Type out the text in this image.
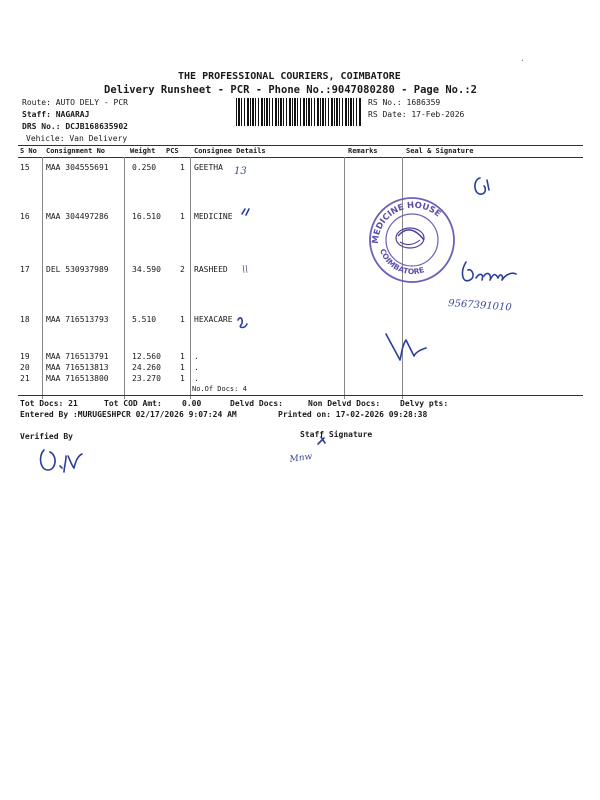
THE PROFESSIONAL COURIERS, COIMBATORE
Delivery Runsheet - PCR - Phone No.:9047080280 - Page No.:2
Route: AUTO DELY - PCR
Staff: NAGARAJ
DRS No.: DCJB168635902
Vehicle: Van Delivery
RS No.: 1686359
RS Date: 17-Feb-2026
S No Consignment No	Weight PCS Consignee Details	Remarks	Seal & Signature
15 MAA 304555691	0.250	1 GEETHA
16 MAA 304497286	16.510 1 MEDICINE
17 DEL 530937989	34.590 2 RASHEED
18 MAA 716513793	5.510	1 HEXACARE
19 MAA 716513791	12.560 1 .
20 MAA 716513813	24.260 1 .
21 MAA 716513800	23.270 1 .
No.Of Docs: 4
Tot Docs: 21	Tot COD Amt:	0.00	Delvd Docs:	Non Delvd Docs: Delvy pts:
Entered By :MURUGESHPCR 02/17/2026 9:07:24 AM	Printed on: 17-02-2026 09:28:38
Verified By	Staff Signature
13
\\
MEDICINE HOUSE
COIMBATORE
9567391010
Mnw
·
